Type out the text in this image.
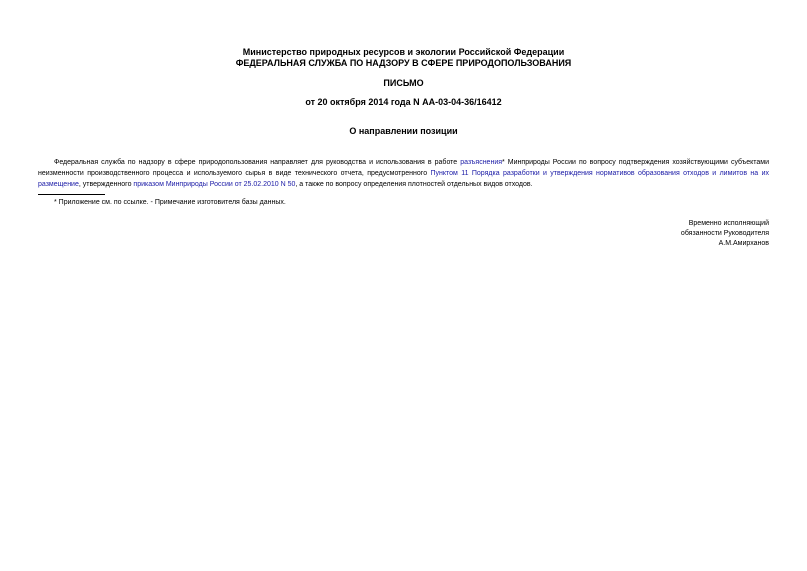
Министерство природных ресурсов и экологии Российской Федерации
ФЕДЕРАЛЬНАЯ СЛУЖБА ПО НАДЗОРУ В СФЕРЕ ПРИРОДОПОЛЬЗОВАНИЯ
ПИСЬМО
от 20 октября 2014 года N АА-03-04-36/16412
О направлении позиции

Федеральная служба по надзору в сфере природопользования направляет для руководства и использования в работе разъяснения* Минприроды России по вопросу подтверждения хозяйствующими субъектами неизменности производственного процесса и используемого сырья в виде технического отчета, предусмотренного Пунктом 11 Порядка разработки и утверждения нормативов образования отходов и лимитов на их размещение, утвержденного приказом Минприроды России от 25.02.2010 N 50, а также по вопросу определения плотностей отдельных видов отходов.

* Приложение см. по ссылке. - Примечание изготовителя базы данных.
Временно исполняющий
обязанности Руководителя
А.М.Амирханов
